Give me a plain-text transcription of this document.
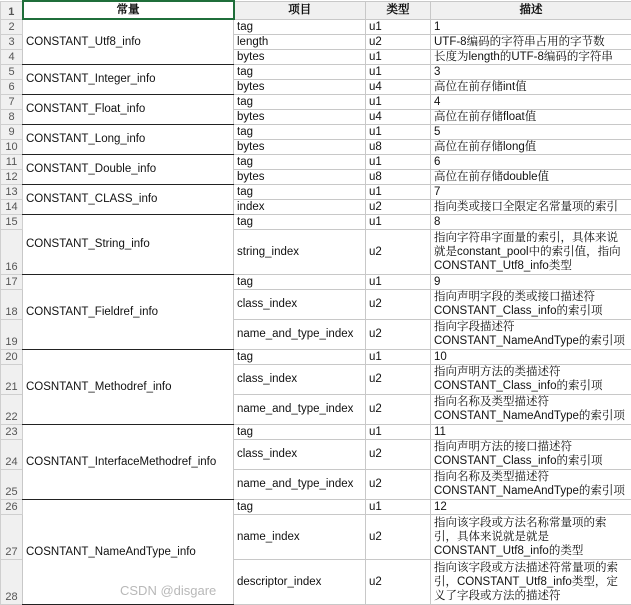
1	常量	项目	类型	描述
2	CONSTANT_Utf8_info	tag	u1	1
3		length	u2	UTF-8编码的字符串占用的字节数
4		bytes	u1	长度为length的UTF-8编码的字符串
5	CONSTANT_Integer_info	tag	u1	3
6		bytes	u4	高位在前存储int值
7	CONSTANT_Float_info	tag	u1	4
8		bytes	u4	高位在前存储float值
9	CONSTANT_Long_info	tag	u1	5
10		bytes	u8	高位在前存储long值
11	CONSTANT_Double_info	tag	u1	6
12		bytes	u8	高位在前存储double值
13	CONSTANT_CLASS_info	tag	u1	7
14		index	u2	指向类或接口全限定名常量项的索引
15	CONSTANT_String_info	tag	u1	8
16		string_index	u2	指向字符串字面量的索引，具体来说就是constant_pool中的索引值，指向CONSTANT_Utf8_info类型
17	CONSTANT_Fieldref_info	tag	u1	9
18		class_index	u2	指向声明字段的类或接口描述符CONSTANT_Class_info的索引项
19		name_and_type_index	u2	指向字段描述符CONSTANT_NameAndType的索引项
20	COSNTANT_Methodref_info	tag	u1	10
21		class_index	u2	指向声明方法的类描述符CONSTANT_Class_info的索引项
22		name_and_type_index	u2	指向名称及类型描述符CONSTANT_NameAndType的索引项
23	COSNTANT_InterfaceMethodref_info	tag	u1	11
24		class_index	u2	指向声明方法的接口描述符CONSTANT_Class_info的索引项
25		name_and_type_index	u2	指向名称及类型描述符CONSTANT_NameAndType的索引项
26	COSNTANT_NameAndType_info	tag	u1	12
27		name_index	u2	指向该字段或方法名称常量项的索引，具体来说就是就是CONSTANT_Utf8_info的类型
28		descriptor_index	u2	指向该字段或方法描述符常量项的索引，CONSTANT_Utf8_info类型，定义了字段或方法的描述符
CSDN @disgare
